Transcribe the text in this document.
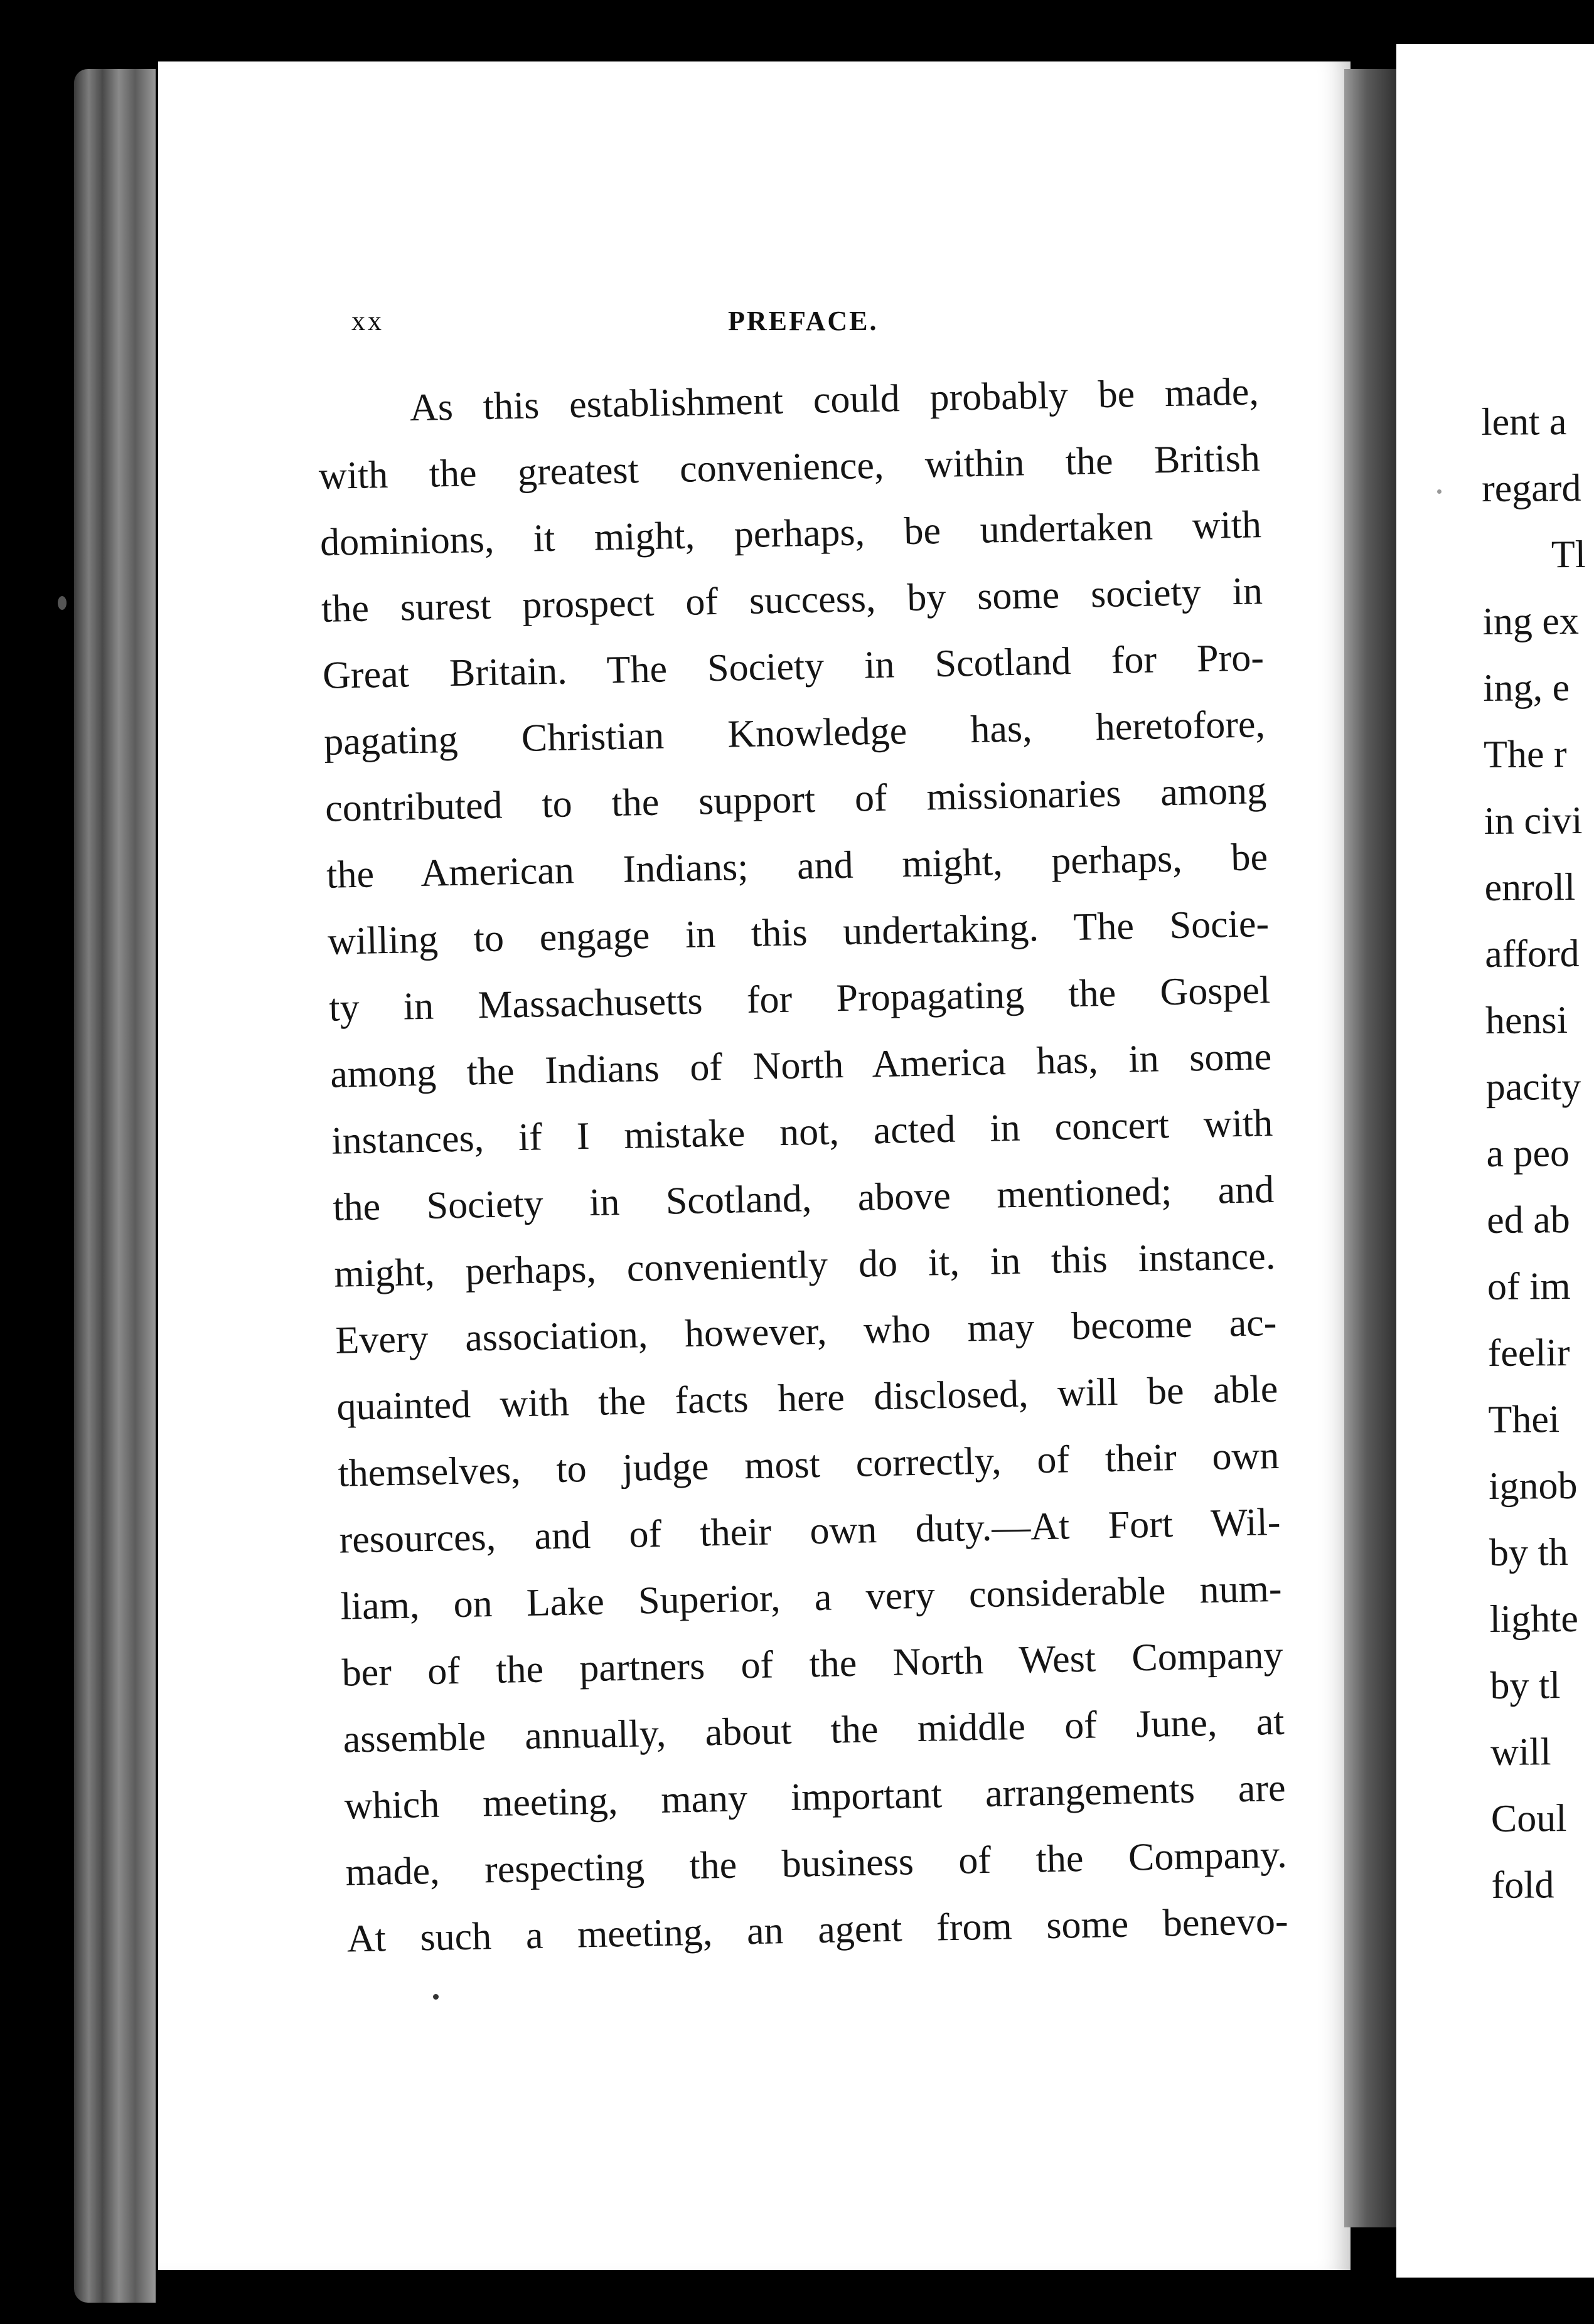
xx	PREFACE.
As this establishment could probably be made,
with the greatest convenience, within the British
dominions, it might, perhaps, be undertaken with
the surest prospect of success, by some society in
Great Britain. The Society in Scotland for Pro-
pagating Christian Knowledge has, heretofore,
contributed to the support of missionaries among
the American Indians; and might, perhaps, be
willing to engage in this undertaking. The Socie-
ty in Massachusetts for Propagating the Gospel
among the Indians of North America has, in some
instances, if I mistake not, acted in concert with
the Society in Scotland, above mentioned; and
might, perhaps, conveniently do it, in this instance.
Every association, however, who may become ac-
quainted with the facts here disclosed, will be able
themselves, to judge most correctly, of their own
resources, and of their own duty.—At Fort Wil-
liam, on Lake Superior, a very considerable num-
ber of the partners of the North West Company
assemble annually, about the middle of June, at
which meeting, many important arrangements are
made, respecting the business of the Company.
At such a meeting, an agent from some benevo-
lent a
regard
Tl
ing ex
ing, e
The r
in civi
enroll
afford
hensi
pacity
a peo
ed ab
of im
feelir
Thei
ignob
by th
lighte
by tl
will
Coul
fold
